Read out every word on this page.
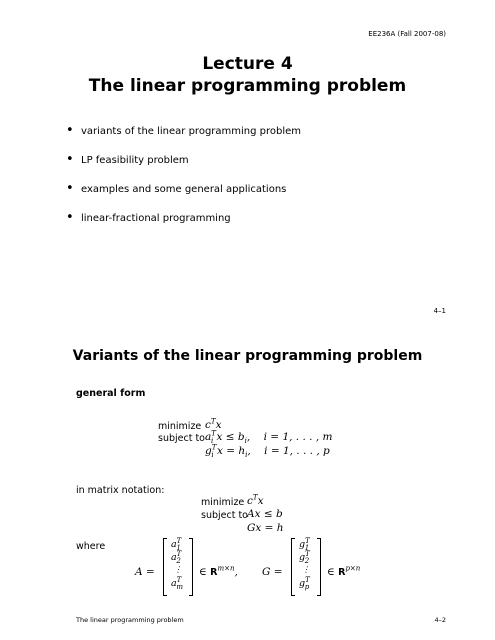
EE236A (Fall 2007-08)
Lecture 4
The linear programming problem
• variants of the linear programming problem
• LP feasibility problem
• examples and some general applications
• linear-fractional programming
4–1
Variants of the linear programming problem
general form
minimize $c^Tx$
subject to $a^T_i$ $x \le b_i$,    i = 1, . . . , m
$g^T_i$ $x = h_i$,    i = 1, . . . , p
in matrix notation:
minimize $c^Tx$
subject to Ax ≤ b
Gx = h
where
A =
$a^T_1$
$a^T_2$
⋮
$a^T_m$
∈ $R^{m\times n}$, G =
$g^T_1$
$g^T_2$
⋮
$g^T_p$
∈ $R^{p\times n}$
The linear programming problem	4–2
